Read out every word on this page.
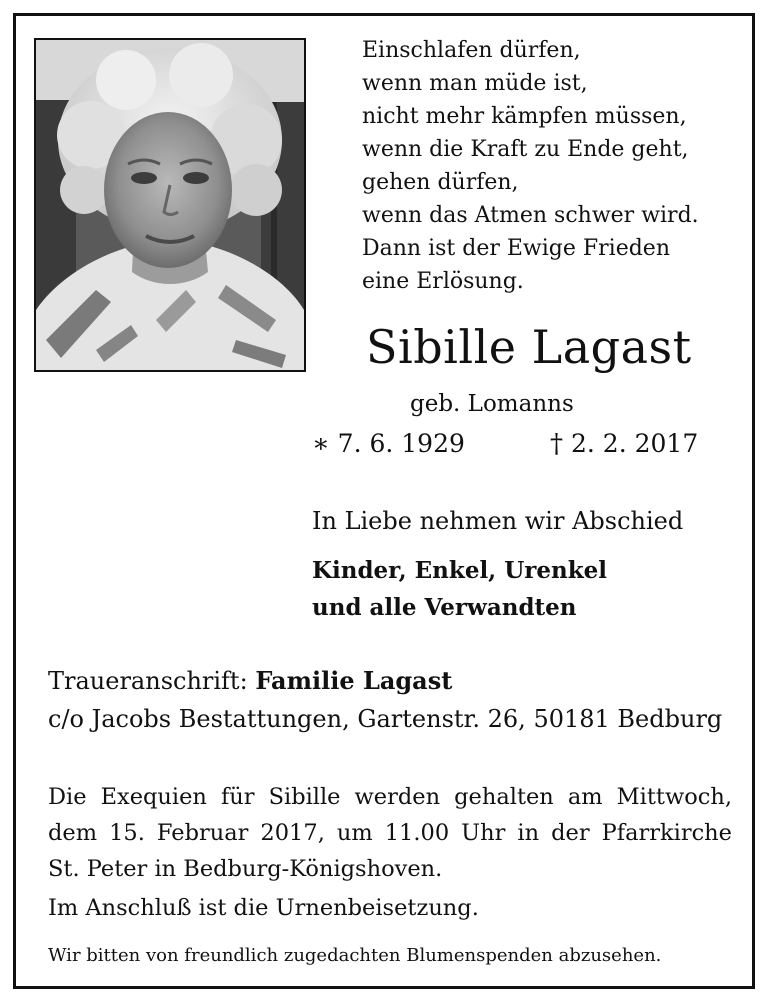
Einschlafen dürfen,
wenn man müde ist,
nicht mehr kämpfen müssen,
wenn die Kraft zu Ende geht,
gehen dürfen,
wenn das Atmen schwer wird.
Dann ist der Ewige Frieden
eine Erlösung.
Sibille Lagast
geb. Lomanns
∗ 7. 6. 1929	† 2. 2. 2017
In Liebe nehmen wir Abschied
Kinder, Enkel, Urenkel
und alle Verwandten
Traueranschrift: Familie Lagast
c/o Jacobs Bestattungen, Gartenstr. 26, 50181 Bedburg
Die Exequien für Sibille werden gehalten am Mittwoch,
dem 15. Februar 2017, um 11.00 Uhr in der Pfarrkirche
St. Peter in Bedburg-Königshoven.
Im Anschluß ist die Urnenbeisetzung.
Wir bitten von freundlich zugedachten Blumenspenden abzusehen.
